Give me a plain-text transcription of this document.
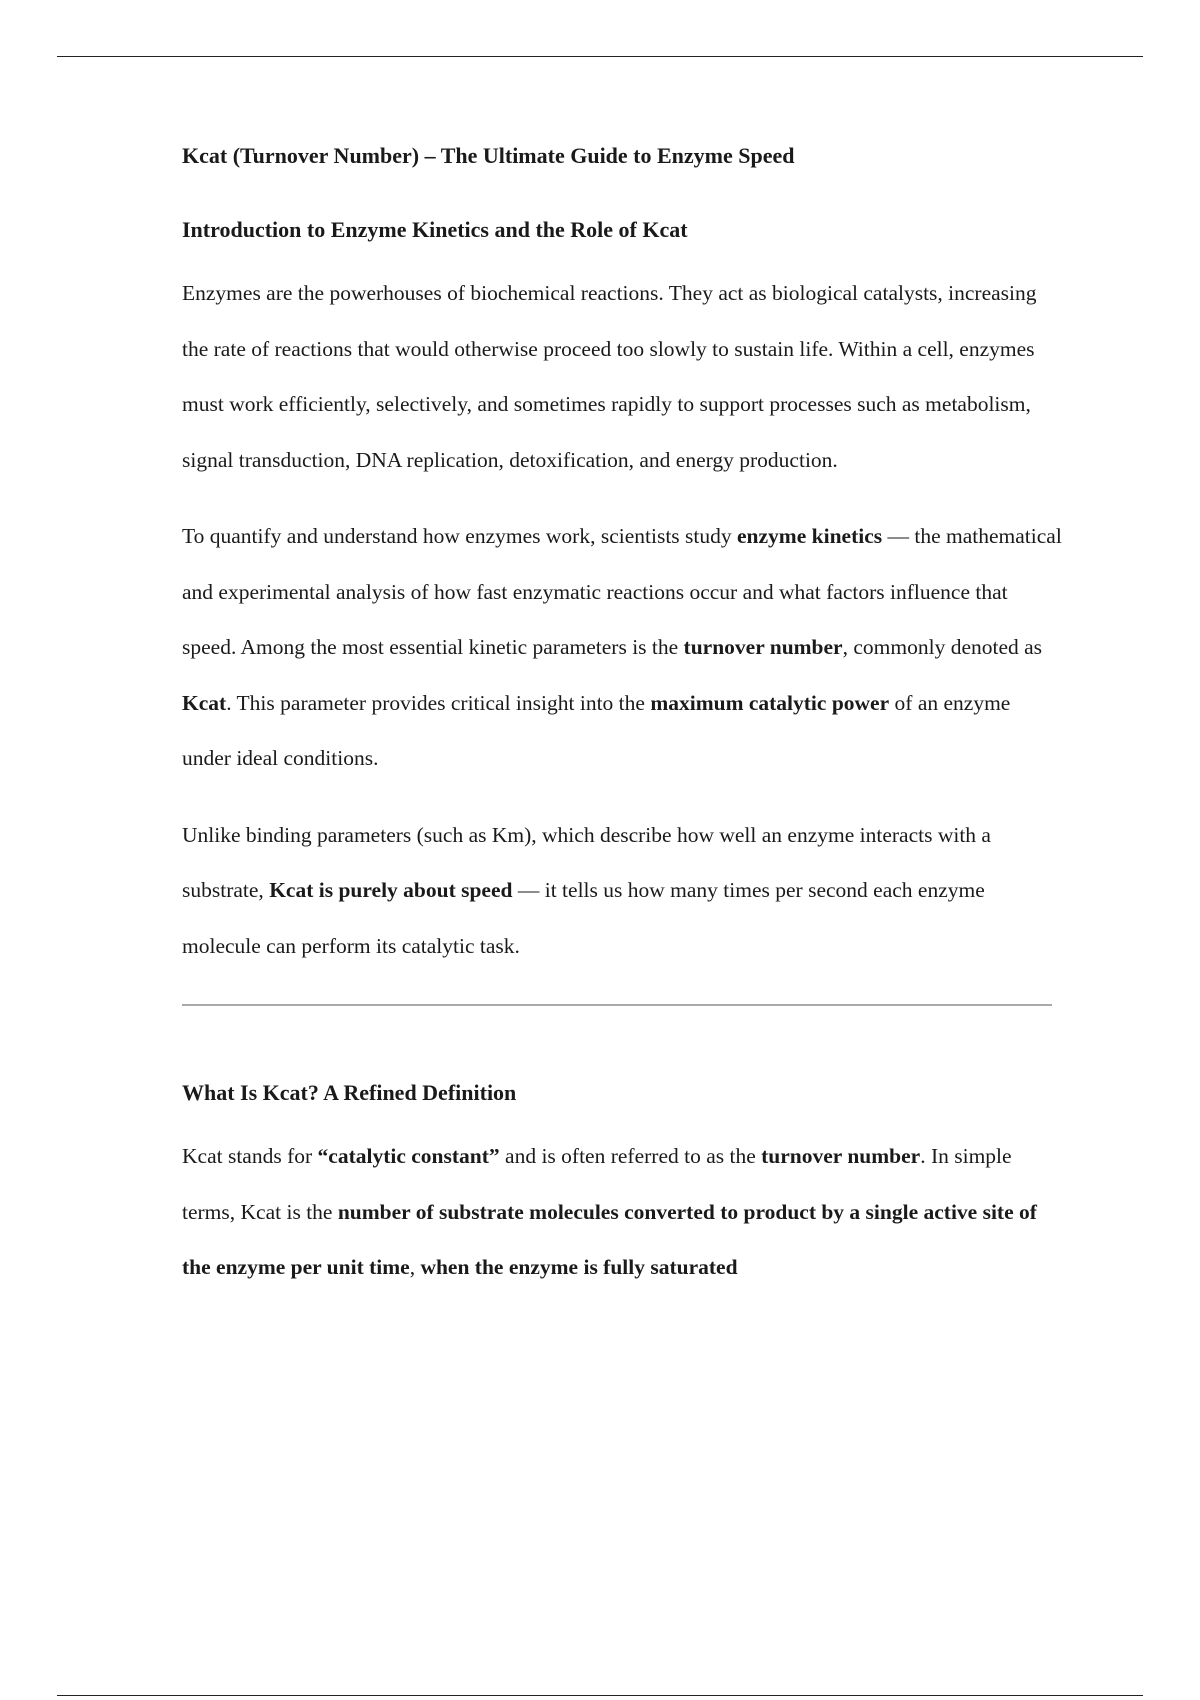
Kcat (Turnover Number) – The Ultimate Guide to Enzyme Speed

Introduction to Enzyme Kinetics and the Role of Kcat

Enzymes are the powerhouses of biochemical reactions. They act as biological catalysts, increasing the rate of reactions that would otherwise proceed too slowly to sustain life. Within a cell, enzymes must work efficiently, selectively, and sometimes rapidly to support processes such as metabolism, signal transduction, DNA replication, detoxification, and energy production.

To quantify and understand how enzymes work, scientists study enzyme kinetics — the mathematical and experimental analysis of how fast enzymatic reactions occur and what factors influence that speed. Among the most essential kinetic parameters is the turnover number, commonly denoted as Kcat. This parameter provides critical insight into the maximum catalytic power of an enzyme under ideal conditions.

Unlike binding parameters (such as Km), which describe how well an enzyme interacts with a substrate, Kcat is purely about speed — it tells us how many times per second each enzyme molecule can perform its catalytic task.

What Is Kcat? A Refined Definition

Kcat stands for “catalytic constant” and is often referred to as the turnover number. In simple terms, Kcat is the number of substrate molecules converted to product by a single active site of the enzyme per unit time, when the enzyme is fully saturated
